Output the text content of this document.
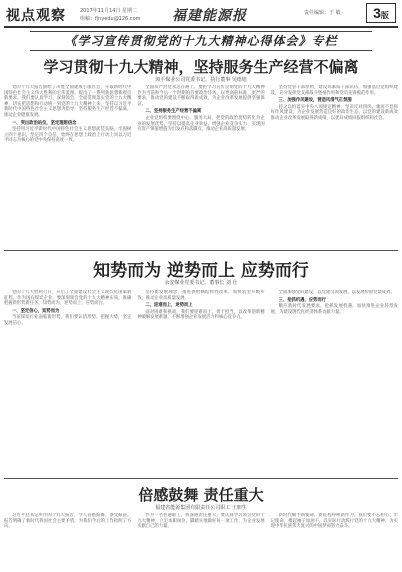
视点观察	2017年11月14日 星期二
组稿：fjnyedu@126.com 福建能源报	责任编辑：于 敏	3版
《学习宣传贯彻党的十九大精神心得体会》专栏
学习贯彻十九大精神，坚持服务生产经营不偏离
漳平煤业公司党委书记、执行董事 吴德旭
党的十九大报告描绘了决胜全面建成小康社会、夺取新时代中国特色社会主义伟大胜利的宏伟蓝图，提出了一系列新思想新观点新要求。我们要认真学习、深刻领会，全面贯彻落实党的十九大精神，切实把思想和行动统一到党的十九大精神上来，坚持以习近平新时代中国特色社会主义思想为指导，坚持服务生产经营不偏离，推动企业健康发展。
一、突出政治站位，坚定理想信念
坚持用习近平新时代中国特色社会主义思想武装头脑，牢固树立四个意识，坚定四个自信，始终在思想上政治上行动上同以习近平同志为核心的党中央保持高度一致。
全面从严治党永远在路上。要把学习宣传贯彻党的十九大精神作为当前和今后一个时期的首要政治任务，以更高的标准、更严的要求，推动党的建设不断取得新成效，为企业改革发展提供坚强保证。
二、坚持服务生产经营不偏离
企业党组织要围绕中心、服务大局，把党的政治优势转化为企业的发展优势，坚持以提高企业效益、增强企业竞争实力、实现国有资产保值增值为出发点和落脚点，推动企业高质量发展。
坚持党管干部原则，建设高素质干部队伍，加强基层党组织建设，充分发挥党支部战斗堡垒作用和党员先锋模范作用。
三、加强作风建设，营造风清气正氛围
持之以恒落实中央八项规定精神，坚决反对四风，驰而不息抓好作风建设，为企业发展营造良好的政治生态，以党的建设新成效推动企业改革发展取得新成绩，以优异成绩回报组织和社会。
知势而为 逆势而上 应势而行
永安煤业党委书记、董事长 刘 仕
党的十九大胜利召开，开启了全面建设社会主义现代化国家新征程。作为国有煤炭企业，要深刻领会党的十九大精神实质，准确把握新形势新任务，知势而为，逆势而上，应势而行。
一、坚定信心，知势而为
当前煤炭行业面临新形势，我们要认清形势、把握大势，坚定发展信心。
坚持新发展理念，推进供给侧结构性改革，加快转型升级步伐，推动企业高质量发展。
二、迎难而上，逆势而上
面对困难和挑战，我们要迎难而上，勇于担当，以改革创新精神破解发展难题，不断增强企业发展活力和核心竞争力。
全面加强党的建设，以党建引领发展，以发展检验党建成效。
三、抢抓机遇，应势而行
顺应新时代发展要求，抢抓发展机遇，加快推进企业转型发展，为建设现代化经济体系贡献力量。
倍感鼓舞 责任重大
福建省能源集团有限责任公司职工 王朋生
习近平总书记所作的十九大报告，令人倍感鼓舞、备受振奋。报告明确了新时代我国社会主要矛盾，为我们今后的工作指明了方向。
作为一名普通职工，我深感责任重大。要认真学习领会党的十九大精神，立足本职岗位，脚踏实地做好每一项工作，为企业发展贡献自己的力量。
新时代赋予新使命，新征程呼唤新作为。我们要不忘初心、牢记使命，撸起袖子加油干，以实际行动践行党的十九大精神，为实现中华民族伟大复兴的中国梦而努力奋斗。
